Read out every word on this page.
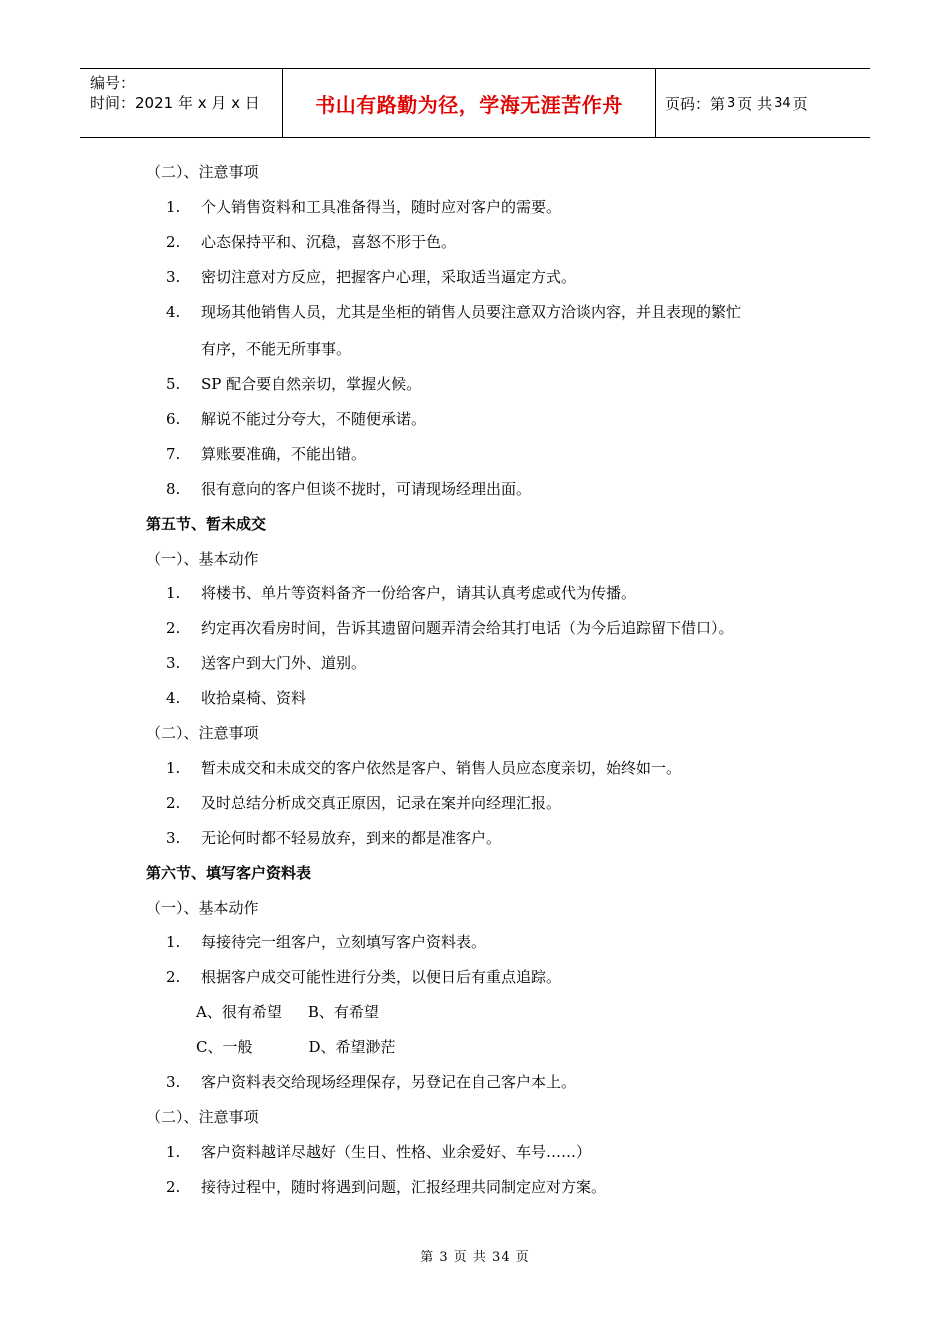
编号：
时间：2021 年 x 月 x 日	书山有路勤为径，学海无涯苦作舟	页码：第 3 页 共 34 页
（二）、注意事项
1. 个人销售资料和工具准备得当，随时应对客户的需要。
2. 心态保持平和、沉稳，喜怒不形于色。
3. 密切注意对方反应，把握客户心理，采取适当逼定方式。
4. 现场其他销售人员，尤其是坐柜的销售人员要注意双方洽谈内容，并且表现的繁忙
有序，不能无所事事。
5. SP 配合要自然亲切，掌握火候。
6. 解说不能过分夸大，不随便承诺。
7. 算账要准确，不能出错。
8. 很有意向的客户但谈不拢时，可请现场经理出面。
第五节、暂未成交
（一）、基本动作
1. 将楼书、单片等资料备齐一份给客户，请其认真考虑或代为传播。
2. 约定再次看房时间，告诉其遗留问题弄清会给其打电话（为今后追踪留下借口）。
3. 送客户到大门外、道别。
4. 收拾桌椅、资料
（二）、注意事项
1. 暂未成交和未成交的客户依然是客户、销售人员应态度亲切，始终如一。
2. 及时总结分析成交真正原因，记录在案并向经理汇报。
3. 无论何时都不轻易放弃，到来的都是准客户。
第六节、填写客户资料表
（一）、基本动作
1. 每接待完一组客户，立刻填写客户资料表。
2. 根据客户成交可能性进行分类，以便日后有重点追踪。
A、很有希望 B、有希望
C、一般	D、希望渺茫
3. 客户资料表交给现场经理保存，另登记在自己客户本上。
（二）、注意事项
1. 客户资料越详尽越好（生日、性格、业余爱好、车号……）
2. 接待过程中，随时将遇到问题，汇报经理共同制定应对方案。
第 3 页 共 34 页
